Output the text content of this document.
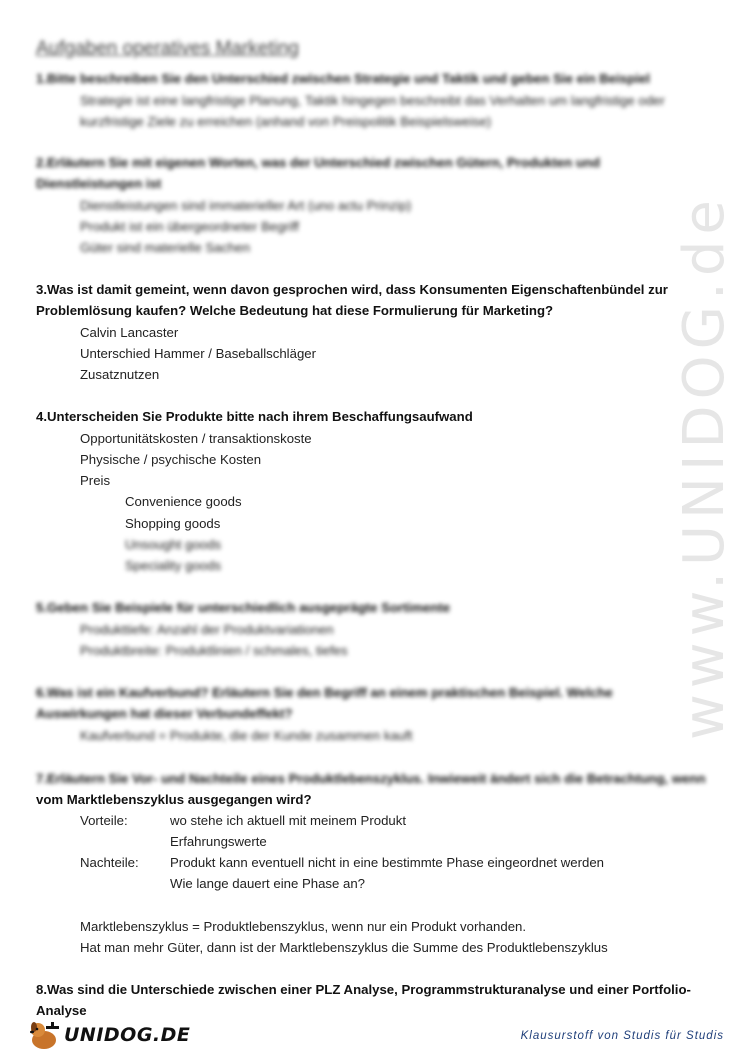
www.UNIDOG.de
Aufgaben operatives Marketing
1.Bitte beschreiben Sie den Unterschied zwischen Strategie und Taktik und geben Sie ein Beispiel
Strategie ist eine langfristige Planung, Taktik hingegen beschreibt das Verhalten um langfristige oder
kurzfristige Ziele zu erreichen (anhand von Preispolitik Beispielsweise)
2.Erläutern Sie mit eigenen Worten, was der Unterschied zwischen Gütern, Produkten und Dienstleistungen ist
Dienstleistungen sind immaterieller Art (uno actu Prinzip)
Produkt ist ein übergeordneter Begriff
Güter sind materielle Sachen
3.Was ist damit gemeint, wenn davon gesprochen wird, dass Konsumenten Eigenschaftenbündel zur Problemlösung kaufen? Welche Bedeutung hat diese Formulierung für Marketing?
Calvin Lancaster
Unterschied Hammer / Baseballschläger
Zusatznutzen
4.Unterscheiden Sie Produkte bitte nach ihrem Beschaffungsaufwand
Opportunitätskosten / transaktionskoste
Physische / psychische Kosten
Preis
Convenience goods
Shopping goods
Unsought goods
Speciality goods
5.Geben Sie Beispiele für unterschiedlich ausgeprägte Sortimente
Produkttiefe: Anzahl der Produktvariationen
Produktbreite: Produktlinien / schmales, tiefes
6.Was ist ein Kaufverbund? Erläutern Sie den Begriff an einem praktischen Beispiel. Welche Auswirkungen hat dieser Verbundeffekt?
Kaufverbund = Produkte, die der Kunde zusammen kauft
7.Erläutern Sie Vor- und Nachteile eines Produktlebenszyklus. Inwieweit ändert sich die Betrachtung, wenn
vom Marktlebenszyklus ausgegangen wird?
Vorteile:	wo stehe ich aktuell mit meinem Produkt
Erfahrungswerte
Nachteile: Produkt kann eventuell nicht in eine bestimmte Phase eingeordnet werden
Wie lange dauert eine Phase an?
Marktlebenszyklus = Produktlebenszyklus, wenn nur ein Produkt vorhanden.
Hat man mehr Güter, dann ist der Marktlebenszyklus die Summe des Produktlebenszyklus
8.Was sind die Unterschiede zwischen einer PLZ Analyse, Programmstrukturanalyse und einer Portfolio-Analyse
UNIDOG.DE	Klausurstoff von Studis für Studis
